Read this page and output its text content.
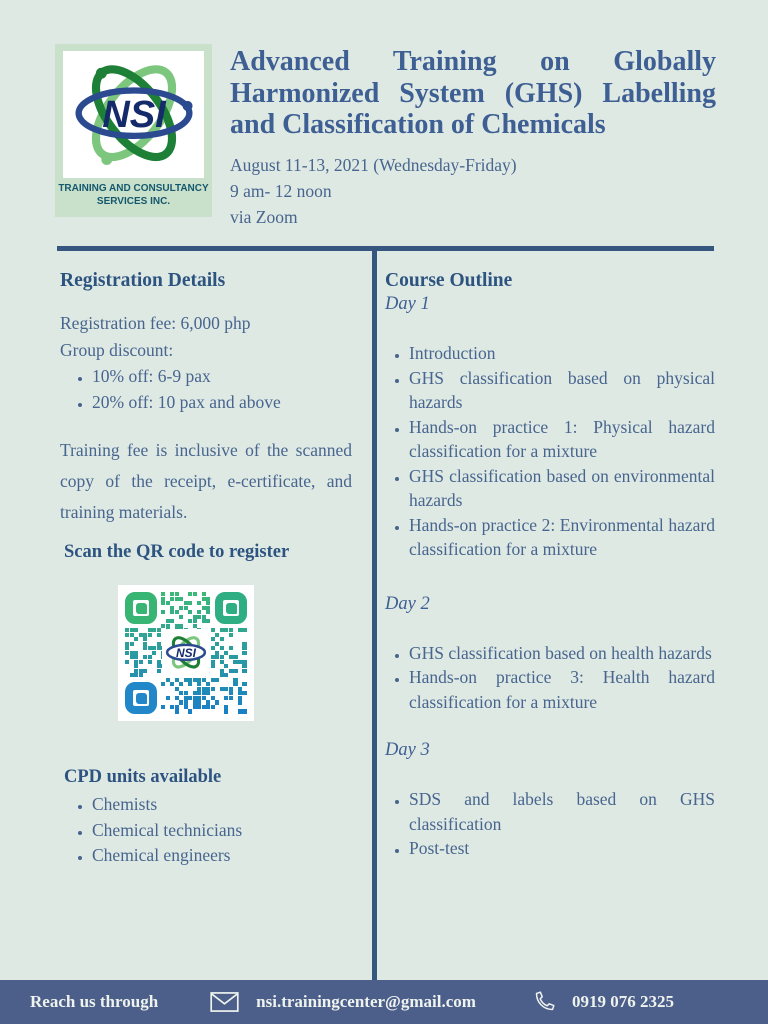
NSI
TRAINING AND CONSULTANCY
SERVICES INC.
Advanced Training on Globally
Harmonized System (GHS) Labelling
and Classification of Chemicals
August 11-13, 2021 (Wednesday-Friday)
9 am- 12 noon
via Zoom
Registration Details
Registration fee: 6,000 php
Group discount:
• 10% off: 6-9 pax
• 20% off: 10 pax and above
Training fee is inclusive of the scanned copy of the receipt, e-certificate, and training materials.
Scan the QR code to register
NSI
CPD units available
• Chemists
• Chemical technicians
• Chemical engineers
Course Outline
Day 1
• Introduction
• GHS classification based on physical hazards
• Hands-on practice 1: Physical hazard classification for a mixture
• GHS classification based on environmental hazards
• Hands-on practice 2: Environmental hazard classification for a mixture
Day 2
• GHS classification based on health hazards
• Hands-on practice 3: Health hazard classification for a mixture
Day 3
• SDS and labels based on GHS classification
• Post-test
Reach us through	nsi.trainingcenter@gmail.com	0919 076 2325
